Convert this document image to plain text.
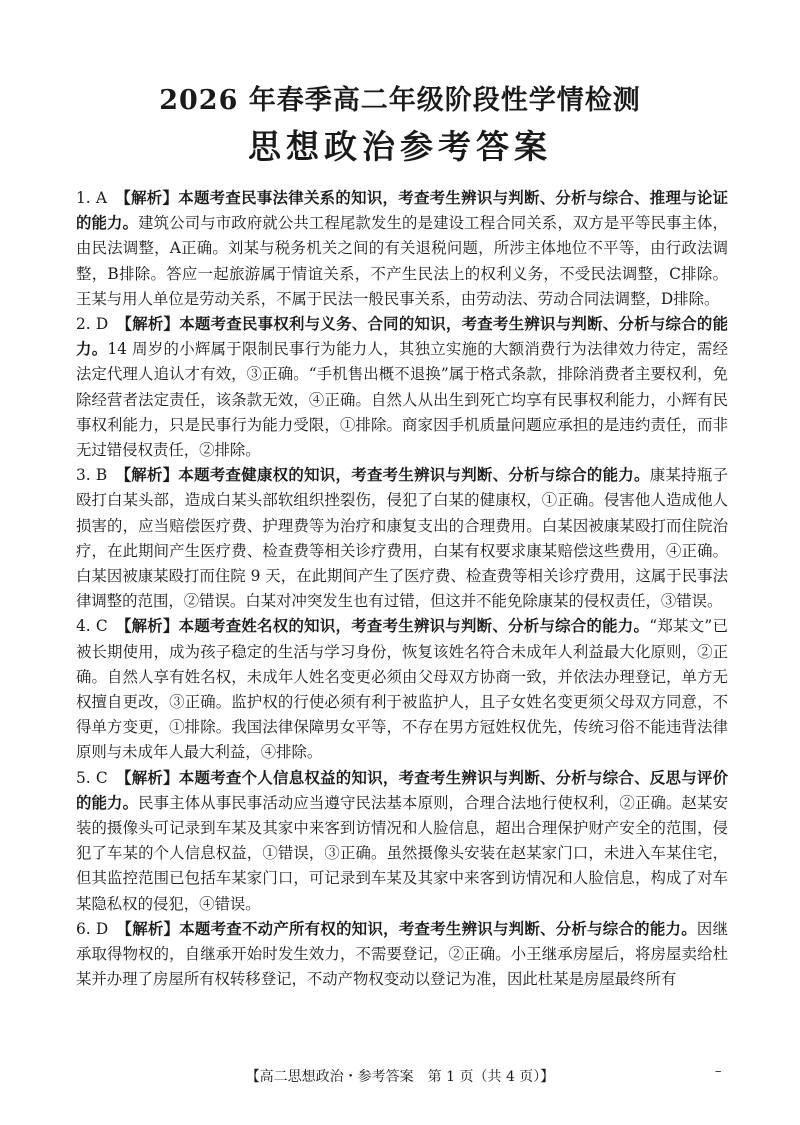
2026 年春季高二年级阶段性学情检测
思想政治参考答案

1. A　 【解析】本题考查民事法律关系的知识，考查考生辨识与判断、分析与综合、推理与论证的能力。建筑公司与市政府就公共工程尾款发生的是建设工程合同关系，双方是平等民事主体，由民法调整，A正确。刘某与税务机关之间的有关退税问题，所涉主体地位不平等，由行政法调整，B排除。答应一起旅游属于情谊关系，不产生民法上的权利义务，不受民法调整，C排除。王某与用人单位是劳动关系，不属于民法一般民事关系，由劳动法、劳动合同法调整，D排除。

2. D　 【解析】本题考查民事权利与义务、合同的知识，考查考生辨识与判断、分析与综合的能力。14 周岁的小辉属于限制民事行为能力人，其独立实施的大额消费行为法律效力待定，需经法定代理人追认才有效，③正确。“手机售出概不退换”属于格式条款，排除消费者主要权利，免除经营者法定责任，该条款无效，④正确。自然人从出生到死亡均享有民事权利能力，小辉有民事权利能力，只是民事行为能力受限，①排除。商家因手机质量问题应承担的是违约责任，而非无过错侵权责任，②排除。

3. B　 【解析】本题考查健康权的知识，考查考生辨识与判断、分析与综合的能力。康某持瓶子殴打白某头部，造成白某头部软组织挫裂伤，侵犯了白某的健康权，①正确。侵害他人造成他人损害的，应当赔偿医疗费、护理费等为治疗和康复支出的合理费用。白某因被康某殴打而住院治疗，在此期间产生医疗费、检查费等相关诊疗费用，白某有权要求康某赔偿这些费用，④正确。白某因被康某殴打而住院 9 天，在此期间产生了医疗费、检查费等相关诊疗费用，这属于民事法律调整的范围，②错误。白某对冲突发生也有过错，但这并不能免除康某的侵权责任，③错误。

4. C　 【解析】本题考查姓名权的知识，考查考生辨识与判断、分析与综合的能力。“郑某文”已被长期使用，成为孩子稳定的生活与学习身份，恢复该姓名符合未成年人利益最大化原则，②正确。自然人享有姓名权，未成年人姓名变更必须由父母双方协商一致，并依法办理登记，单方无权擅自更改，③正确。监护权的行使必须有利于被监护人，且子女姓名变更须父母双方同意，不得单方变更，①排除。我国法律保障男女平等，不存在男方冠姓权优先，传统习俗不能违背法律原则与未成年人最大利益，④排除。

5. C　 【解析】本题考查个人信息权益的知识，考查考生辨识与判断、分析与综合、反思与评价的能力。民事主体从事民事活动应当遵守民法基本原则，合理合法地行使权利，②正确。赵某安装的摄像头可记录到车某及其家中来客到访情况和人脸信息，超出合理保护财产安全的范围，侵犯了车某的个人信息权益，①错误，③正确。虽然摄像头安装在赵某家门口，未进入车某住宅，但其监控范围已包括车某家门口，可记录到车某及其家中来客到访情况和人脸信息，构成了对车某隐私权的侵犯，④错误。

6. D　 【解析】本题考查不动产所有权的知识，考查考生辨识与判断、分析与综合的能力。因继承取得物权的，自继承开始时发生效力，不需要登记，②正确。小王继承房屋后，将房屋卖给杜某并办理了房屋所有权转移登记，不动产物权变动以登记为准，因此杜某是房屋最终所有

【高二思想政治・参考答案　第 1 页（共 4 页）】	–
